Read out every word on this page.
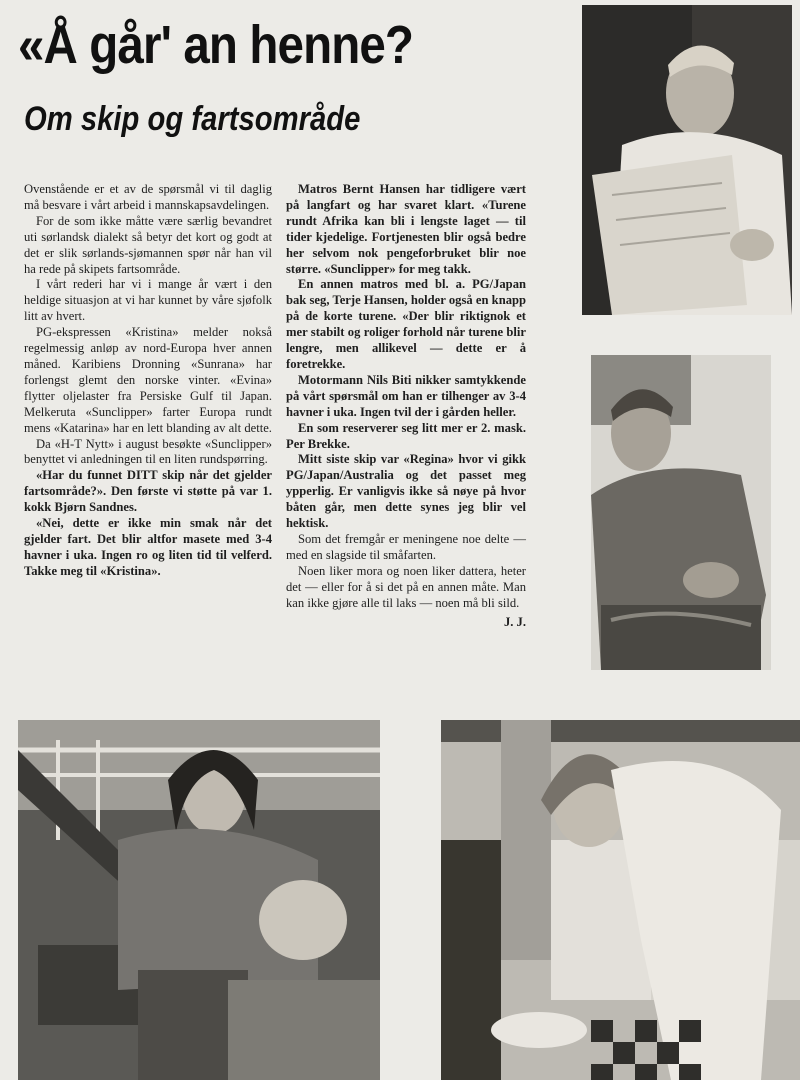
«Å går' an henne?
Om skip og fartsområde

Ovenstående er et av de spørsmål vi til daglig må besvare i vårt arbeid i mannskapsavdelingen.

For de som ikke måtte være særlig bevandret uti sørlandsk dialekt så betyr det kort og godt at det er slik sørlands-sjømannen spør når han vil ha rede på skipets fartsområde.

I vårt rederi har vi i mange år vært i den heldige situasjon at vi har kunnet by våre sjøfolk litt av hvert.

PG-ekspressen «Kristina» melder nokså regelmessig anløp av nord-Europa hver annen måned. Karibiens Dronning «Sunrana» har forlengst glemt den norske vinter. «Evina» flytter oljelaster fra Persiske Gulf til Japan. Melkeruta «Sunclipper» farter Europa rundt mens «Katarina» har en lett blanding av alt dette.

Da «H-T Nytt» i august besøkte «Sunclipper» benyttet vi anledningen til en liten rundspørring.

«Har du funnet DITT skip når det gjelder fartsområde?». Den første vi støtte på var 1. kokk Bjørn Sandnes.

«Nei, dette er ikke min smak når det gjelder fart. Det blir altfor masete med 3-4 havner i uka. Ingen ro og liten tid til velferd. Takke meg til «Kristina».

Matros Bernt Hansen har tidligere vært på langfart og har svaret klart. «Turene rundt Afrika kan bli i lengste laget — til tider kjedelige. Fortjenesten blir også bedre her selvom nok pengeforbruket blir noe større. «Sunclipper» for meg takk.

En annen matros med bl. a. PG/Japan bak seg, Terje Hansen, holder også en knapp på de korte turene. «Der blir riktignok et mer stabilt og roliger forhold når turene blir lengre, men allikevel — dette er å foretrekke.

Motormann Nils Biti nikker samtykkende på vårt spørsmål om han er tilhenger av 3-4 havner i uka. Ingen tvil der i gården heller.

En som reserverer seg litt mer er 2. mask. Per Brekke.

Mitt siste skip var «Regina» hvor vi gikk PG/Japan/Australia og det passet meg ypperlig. Er vanligvis ikke så nøye på hvor båten går, men dette synes jeg blir vel hektisk.

Som det fremgår er meningene noe delte — med en slagside til småfarten.

Noen liker mora og noen liker dattera, heter det — eller for å si det på en annen måte. Man kan ikke gjøre alle til laks — noen må bli sild.

J. J.
